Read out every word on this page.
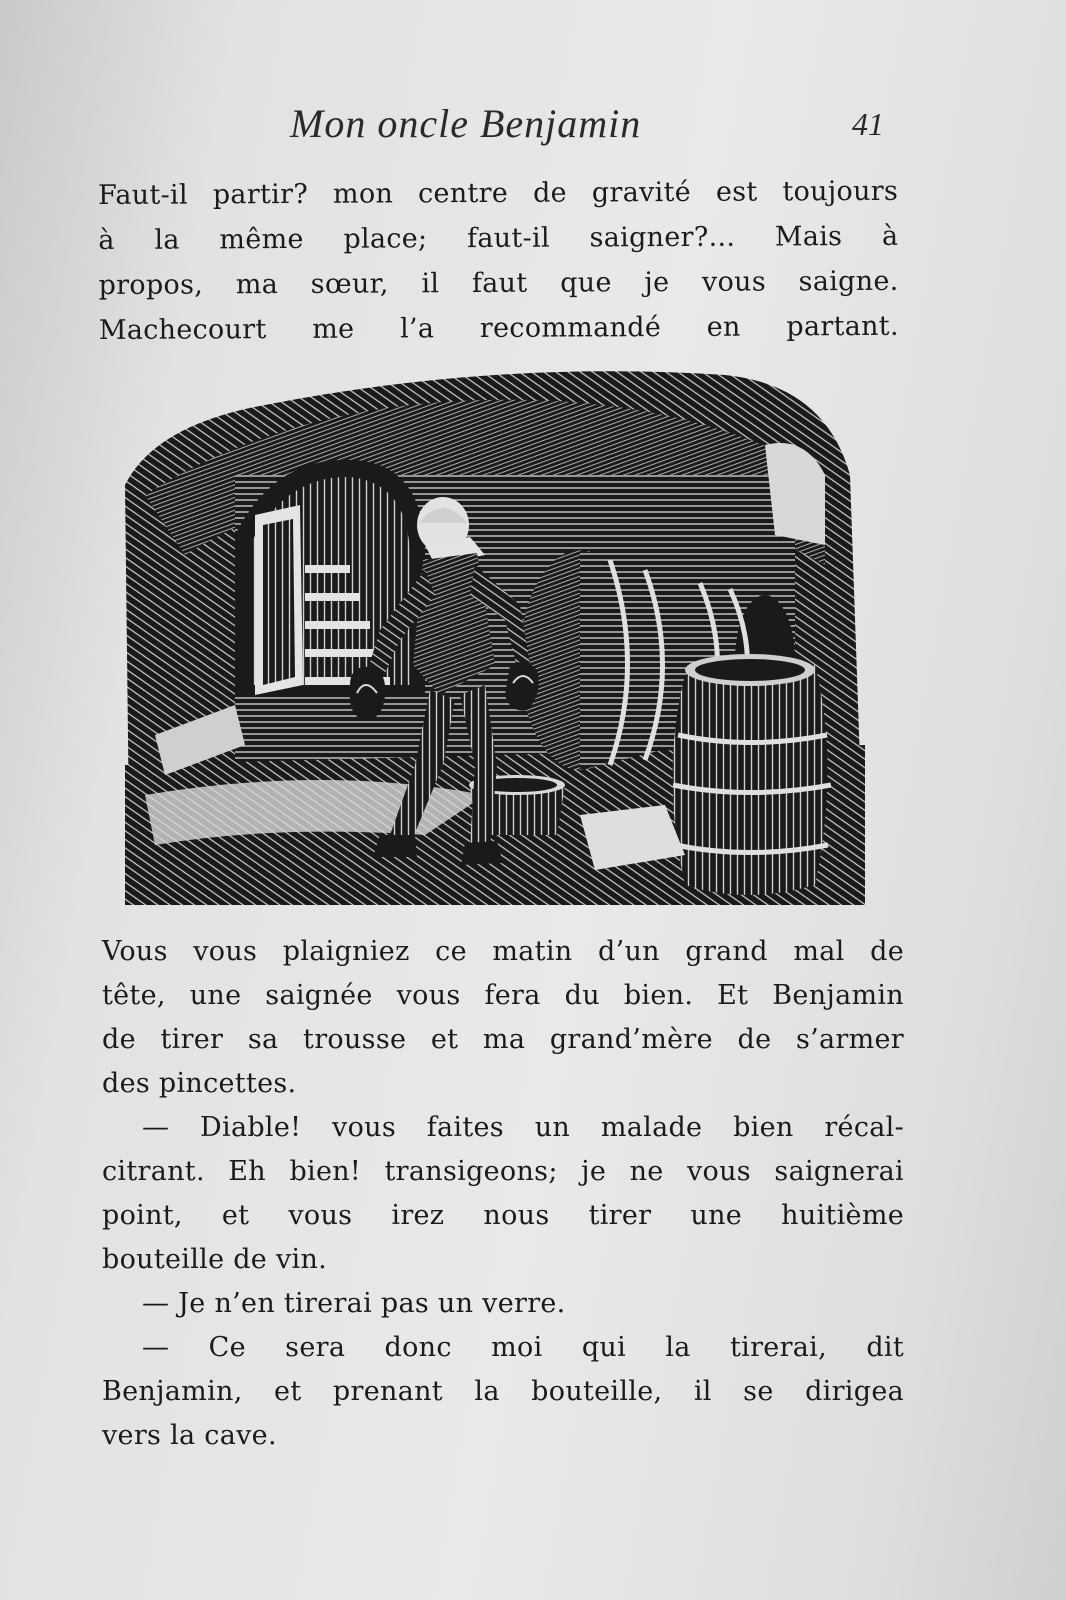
Mon oncle Benjamin	41
Faut-il partir? mon centre de gravité est toujours
à la même place; faut-il saigner?... Mais à
propos, ma sœur, il faut que je vous saigne.
Machecourt me l’a recommandé en partant.
Vous vous plaigniez ce matin d’un grand mal de
tête, une saignée vous fera du bien. Et Benjamin
de tirer sa trousse et ma grand’mère de s’armer
des pincettes.
— Diable! vous faites un malade bien récal-
citrant. Eh bien! transigeons; je ne vous saignerai
point, et vous irez nous tirer une huitième
bouteille de vin.
— Je n’en tirerai pas un verre.
— Ce sera donc moi qui la tirerai, dit
Benjamin, et prenant la bouteille, il se dirigea
vers la cave.
